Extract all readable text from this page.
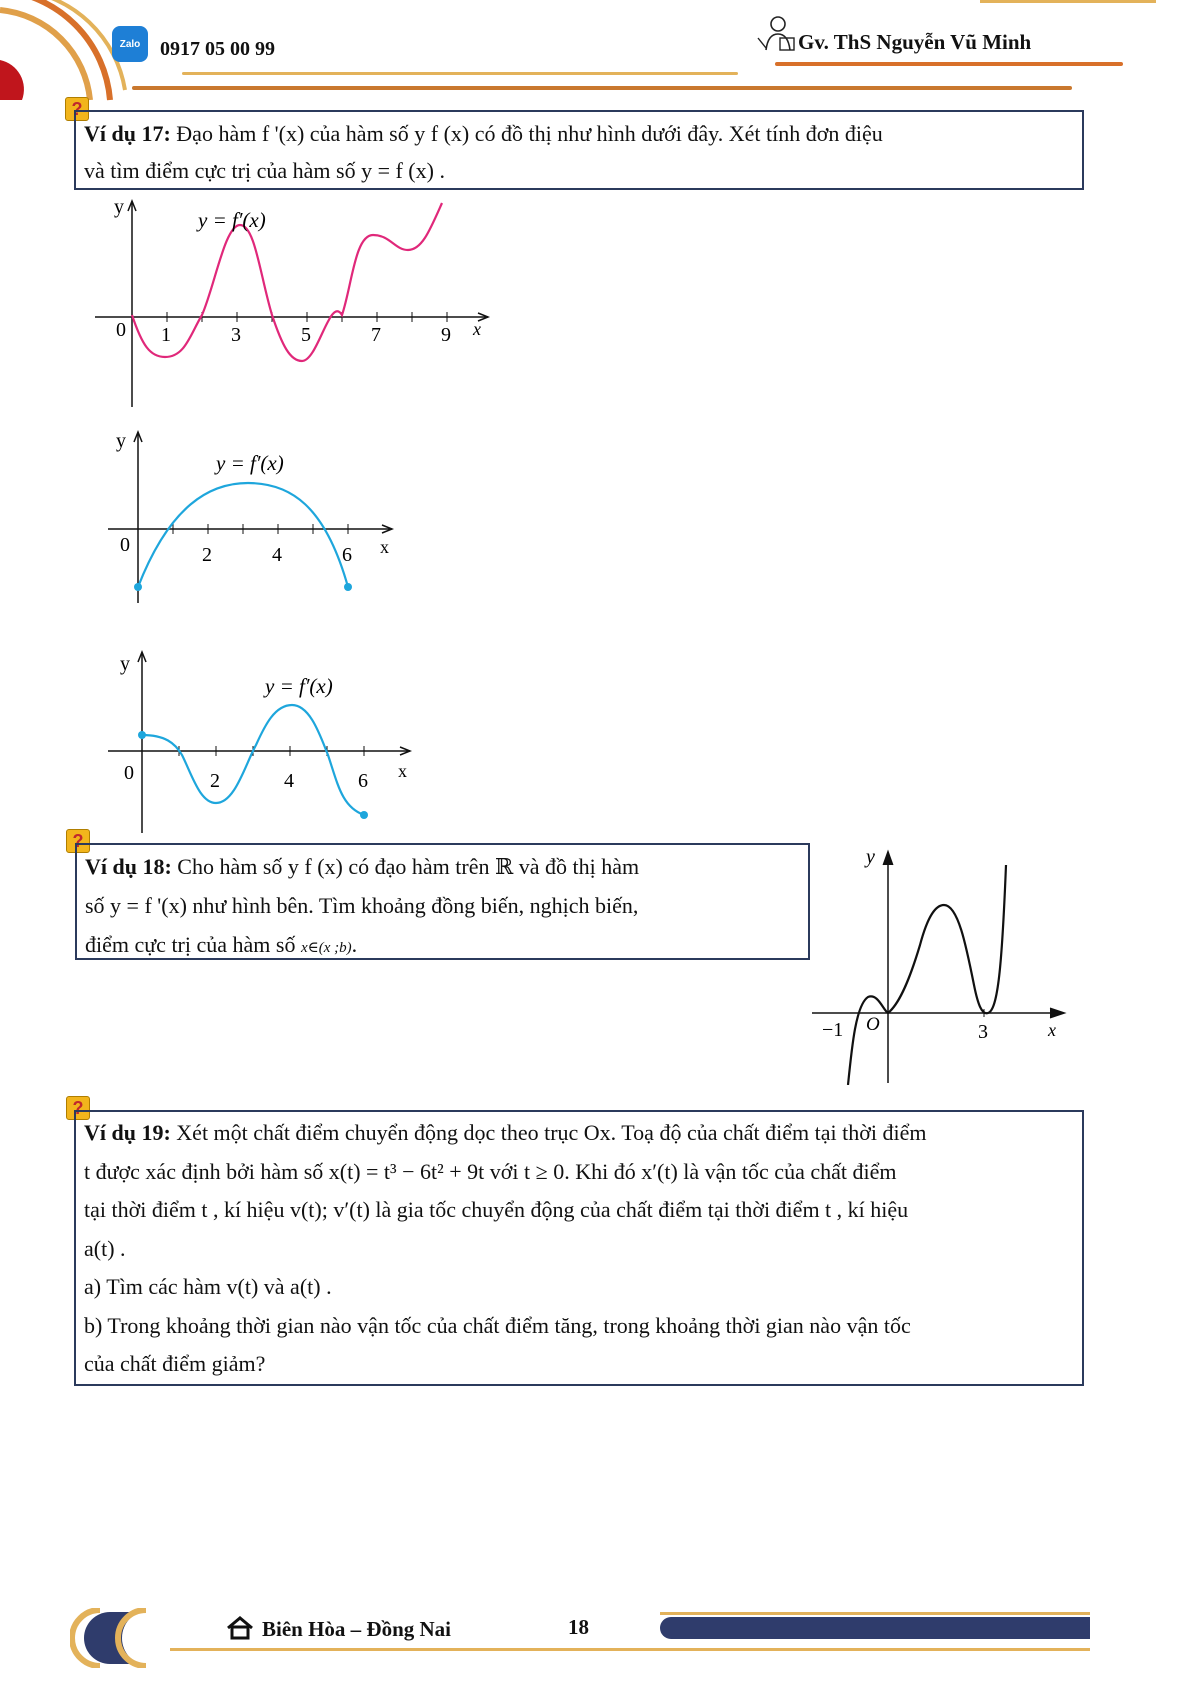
Zalo 0917 05 00 99	Gv. ThS Nguyễn Vũ Minh
?
Ví dụ 17: Đạo hàm f '(x) của hàm số y f (x) có đồ thị như hình dưới đây. Xét tính đơn điệu
và tìm điểm cực trị của hàm số y = f (x) .
y = f′(x)
y
x
0 1	3	5	7	9
y = f′(x)
y
x
0	2	4	6
y = f′(x)
y
x
0	2	4	6
?
Ví dụ 18: Cho hàm số y f (x) có đạo hàm trên ℝ và đồ thị hàm
số y = f '(x) như hình bên. Tìm khoảng đồng biến, nghịch biến,
điểm cực trị của hàm số x∈(x ;b).
y
x
O
−1	3
?
Ví dụ 19: Xét một chất điểm chuyển động dọc theo trục Ox. Toạ độ của chất điểm tại thời điểm
t được xác định bởi hàm số x(t) = t³ − 6t² + 9t với t ≥ 0. Khi đó x′(t) là vận tốc của chất điểm
tại thời điểm t , kí hiệu v(t); v′(t) là gia tốc chuyển động của chất điểm tại thời điểm t , kí hiệu
a(t) .
a) Tìm các hàm v(t) và a(t) .
b) Trong khoảng thời gian nào vận tốc của chất điểm tăng, trong khoảng thời gian nào vận tốc
của chất điểm giảm?
Biên Hòa – Đồng Nai	18
